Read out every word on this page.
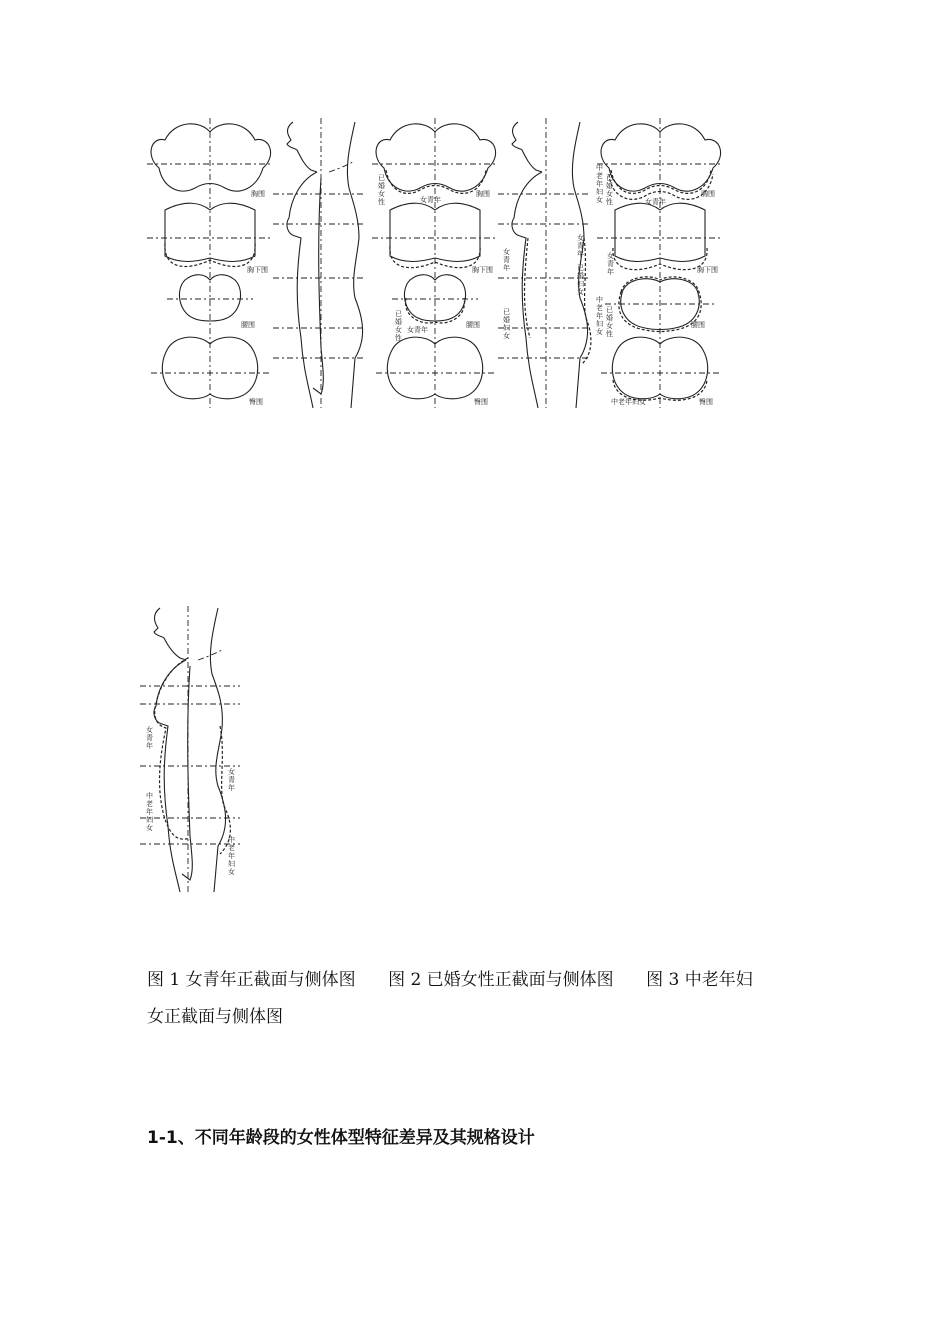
胸围
胸下围
腰围
臀围
胸围
女青年
胸下围
腰围
臀围
已
婚
女
性
已
婚
女
性
女青年
女
青
年
已
婚
妇
女
女
青
年
已
婚
妇
女
胸围
女青年
胸下围
腰围
臀围
中老年妇女
中
老
年
妇
女
已
婚
女
性
中
老
年
妇
女
已
婚
女
性
女
青
年
女
青
年
中
老
年
妇
女
女
青
年
中
老
年
妇
女
图 1 女青年正截面与侧体图 图 2 已婚女性正截面与侧体图 图 3 中老年妇
女正截面与侧体图
1-1、不同年龄段的女性体型特征差异及其规格设计
